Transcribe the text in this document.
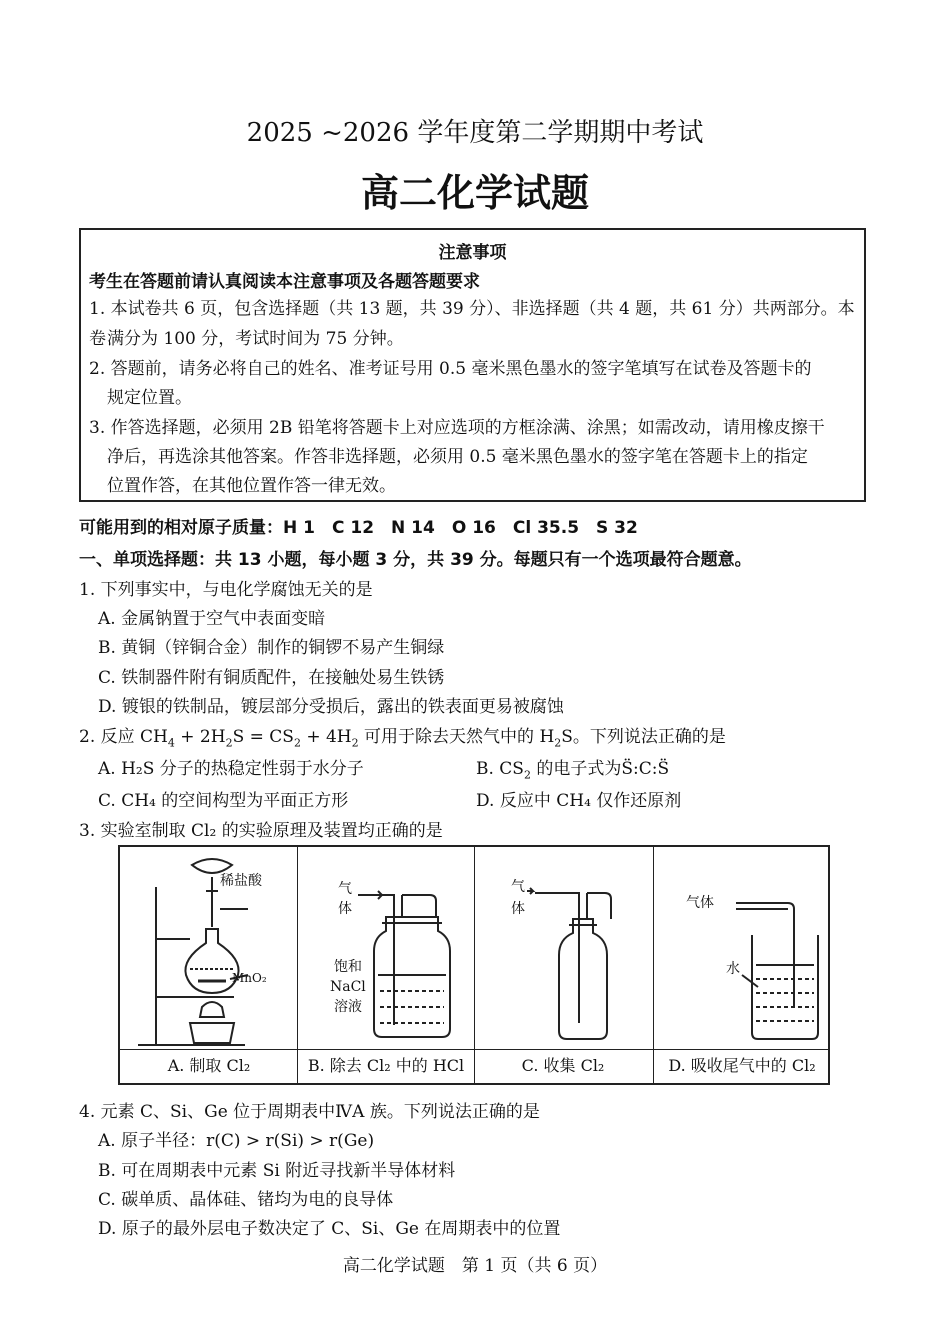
2025 ~2026 学年度第二学期期中考试
高二化学试题
注意事项
考生在答题前请认真阅读本注意事项及各题答题要求
1. 本试卷共 6 页，包含选择题（共 13 题，共 39 分）、非选择题（共 4 题，共 61 分）共两部分。本卷 满分为 100 分，考试时间为 75 分钟。
2. 答题前，请务必将自己的姓名、准考证号用 0.5 毫米黑色墨水的签字笔填写在试卷及答题卡的
规定位置。
3. 作答选择题，必须用 2B 铅笔将答题卡上对应选项的方框涂满、涂黑；如需改动，请用橡皮擦干
净后，再选涂其他答案。作答非选择题，必须用 0.5 毫米黑色墨水的签字笔在答题卡上的指定
位置作答，在其他位置作答一律无效。
可能用到的相对原子质量：H 1　C 12　N 14　O 16　Cl 35.5　S 32
一、单项选择题：共 13 小题，每小题 3 分，共 39 分。每题只有一个选项最符合题意。
1. 下列事实中，与电化学腐蚀无关的是
A. 金属钠置于空气中表面变暗
B. 黄铜（锌铜合金）制作的铜锣不易产生铜绿
C. 铁制器件附有铜质配件，在接触处易生铁锈
D. 镀银的铁制品，镀层部分受损后，露出的铁表面更易被腐蚀
2. 反应 $CH_4 + 2H_2S = CS_2 + 4H_2$ 可用于除去天然气中的 $H_2S$。下列说法正确的是
A. H₂S 分子的热稳定性弱于水分子	B. $CS_2$ 的电子式为S̈:C:S̈
C. CH₄ 的空间构型为平面正方形	D. 反应中 CH₄ 仅作还原剂
3. 实验室制取 Cl₂ 的实验原理及装置均正确的是
稀盐酸
MnO₂
气
体
饱和
NaCl
溶液
气
体	气体
水
A. 制取 Cl₂	B. 除去 Cl₂ 中的 HCl	C. 收集 Cl₂	D. 吸收尾气中的 Cl₂
4. 元素 C、Si、Ge 位于周期表中ⅣA 族。下列说法正确的是
A. 原子半径：r(C) > r(Si) > r(Ge)
B. 可在周期表中元素 Si 附近寻找新半导体材料
C. 碳单质、晶体硅、锗均为电的良导体
D. 原子的最外层电子数决定了 C、Si、Ge 在周期表中的位置
高二化学试题　第 1 页（共 6 页）
